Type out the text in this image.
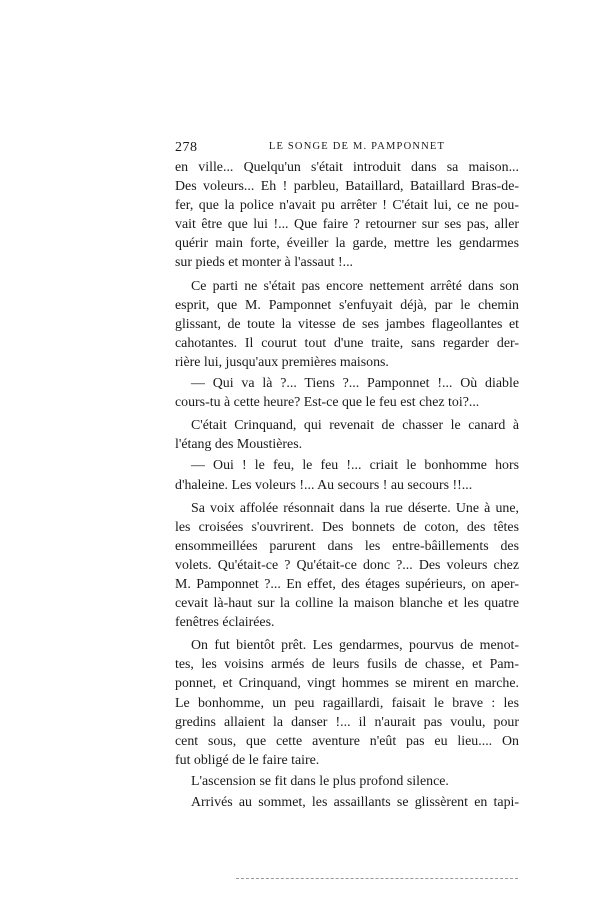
278	LE SONGE DE M. PAMPONNET
en ville... Quelqu'un s'était introduit dans sa maison...
Des voleurs... Eh ! parbleu, Bataillard, Bataillard Bras-de-
fer, que la police n'avait pu arrêter ! C'était lui, ce ne pou-
vait être que lui !... Que faire ? retourner sur ses pas, aller
quérir main forte, éveiller la garde, mettre les gendarmes
sur pieds et monter à l'assaut !...
Ce parti ne s'était pas encore nettement arrêté dans son
esprit, que M. Pamponnet s'enfuyait déjà, par le chemin
glissant, de toute la vitesse de ses jambes flageollantes et
cahotantes. Il courut tout d'une traite, sans regarder der-
rière lui, jusqu'aux premières maisons.
— Qui va là ?... Tiens ?... Pamponnet !... Où diable
cours-tu à cette heure? Est-ce que le feu est chez toi?...
C'était Crinquand, qui revenait de chasser le canard à
l'étang des Moustières.
— Oui ! le feu, le feu !... criait le bonhomme hors
d'haleine. Les voleurs !... Au secours ! au secours !!...
Sa voix affolée résonnait dans la rue déserte. Une à une,
les croisées s'ouvrirent. Des bonnets de coton, des têtes
ensommeillées parurent dans les entre-bâillements des
volets. Qu'était-ce ? Qu'était-ce donc ?... Des voleurs chez
M. Pamponnet ?... En effet, des étages supérieurs, on aper-
cevait là-haut sur la colline la maison blanche et les quatre
fenêtres éclairées.
On fut bientôt prêt. Les gendarmes, pourvus de menot-
tes, les voisins armés de leurs fusils de chasse, et Pam-
ponnet, et Crinquand, vingt hommes se mirent en marche.
Le bonhomme, un peu ragaillardi, faisait le brave : les
gredins allaient la danser !... il n'aurait pas voulu, pour
cent sous, que cette aventure n'eût pas eu lieu.... On
fut obligé de le faire taire.
L'ascension se fit dans le plus profond silence.
Arrivés au sommet, les assaillants se glissèrent en tapi-
